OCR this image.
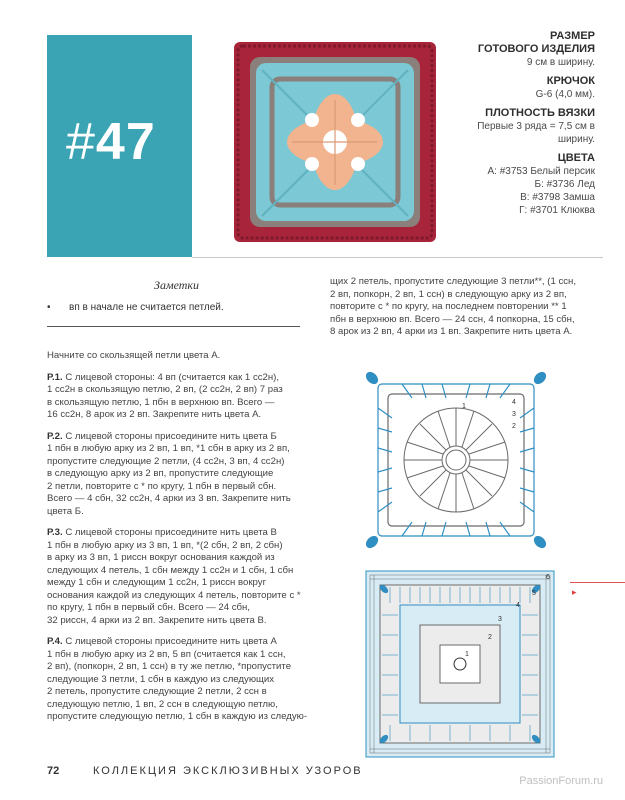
#47
РАЗМЕР
ГОТОВОГО ИЗДЕЛИЯ
9 см в ширину.
КРЮЧОК
G-6 (4,0 мм).
ПЛОТНОСТЬ ВЯЗКИ
Первые 3 ряда = 7,5 см в
ширину.
ЦВЕТА
А: #3753 Белый персик
Б: #3736 Лед
В: #3798 Замша
Г: #3701 Клюква
Заметки
• вп в начале не считается петлей.

Начните со скользящей петли цвета А.

Р.1. С лицевой стороны: 4 вп (считается как 1 сс2н),
1 сс2н в скользящую петлю, 2 вп, (2 сс2н, 2 вп) 7 раз
в скользящую петлю, 1 пбн в верхнюю вп. Всего —
16 сс2н, 8 арок из 2 вп. Закрепите нить цвета А.

Р.2. С лицевой стороны присоедините нить цвета Б
1 пбн в любую арку из 2 вп, 1 вп, *1 сбн в арку из 2 вп,
пропустите следующие 2 петли, (4 сс2н, 3 вп, 4 сс2н)
в следующую арку из 2 вп, пропустите следующие
2 петли, повторите с * по кругу, 1 пбн в первый сбн.
Всего — 4 сбн, 32 сс2н, 4 арки из 3 вп. Закрепите нить
цвета Б.

Р.3. С лицевой стороны присоедините нить цвета В
1 пбн в любую арку из 3 вп, 1 вп, *(2 сбн, 2 вп, 2 сбн)
в арку из 3 вп, 1 риссн вокруг основания каждой из
следующих 4 петель, 1 сбн между 1 сс2н и 1 сбн, 1 сбн
между 1 сбн и следующим 1 сс2н, 1 риссн вокруг
основания каждой из следующих 4 петель, повторите с * по кругу, 1 пбн в первый сбн. Всего — 24 сбн,
32 риссн, 4 арки из 2 вп. Закрепите нить цвета В.

Р.4. С лицевой стороны присоедините нить цвета А
1 пбн в любую арку из 2 вп, 5 вп (считается как 1 ссн,
2 вп), (попкорн, 2 вп, 1 ссн) в ту же петлю, *пропустите
следующие 3 петли, 1 сбн в каждую из следующих
2 петель, пропустите следующие 2 петли, 2 ссн в следующую петлю, 1 вп, 2 ссн в следующую петлю, пропустите следующую петлю, 1 сбн в каждую из следую-

щих 2 петель, пропустите следующие 3 петли**, (1 ссн,
2 вп, попкорн, 2 вп, 1 ссн) в следующую арку из 2 вп,
повторите с * по кругу, на последнем повторении ** 1
пбн в верхнюю вп. Всего — 24 ссн, 4 попкорна, 15 сбн,
8 арок из 2 вп, 4 арки из 1 вп. Закрепите нить цвета А.

1
4
3
2
1
2
3
4
5
6
▸
72	КОЛЛЕКЦИЯ ЭКСКЛЮЗИВНЫХ УЗОРОВ
PassionForum.ru
